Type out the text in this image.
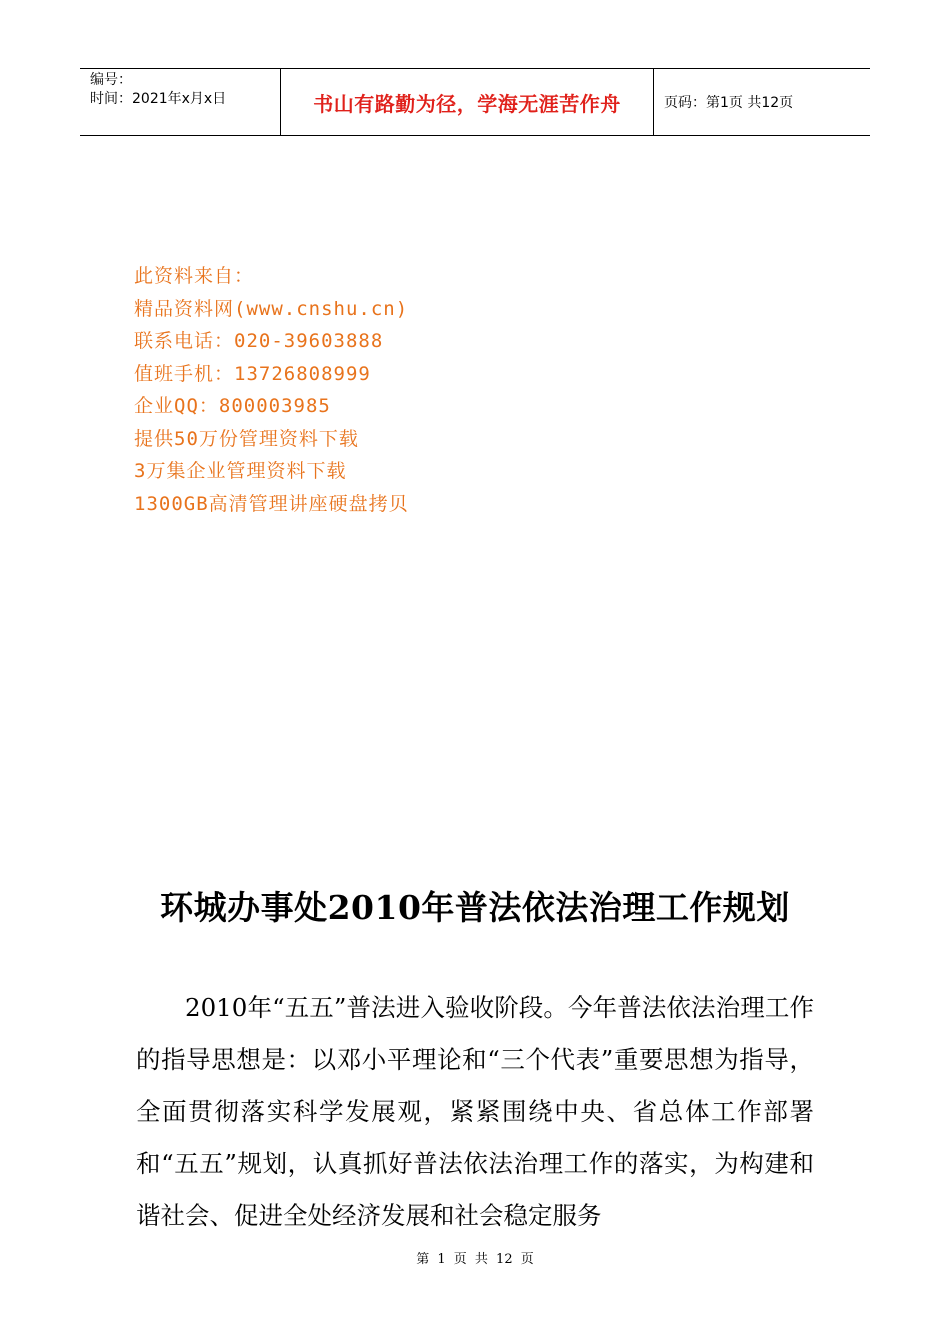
编号：
时间：2021年x月x日	书山有路勤为径，学海无涯苦作舟	页码：第1页 共12页
此资料来自：
精品资料网(www.cnshu.cn)
联系电话：020-39603888
值班手机：13726808999
企业QQ：800003985
提供50万份管理资料下载
3万集企业管理资料下载
1300GB高清管理讲座硬盘拷贝
环城办事处2010年普法依法治理工作规划
2010年“五五”普法进入验收阶段。今年普法依法治理工作的指导思想是：以邓小平理论和“三个代表”重要思想为指导，全面贯彻落实科学发展观，紧紧围绕中央、省总体工作部署和“五五”规划，认真抓好普法依法治理工作的落实，为构建和谐社会、促进全处经济发展和社会稳定服务
第 1 页 共 12 页
